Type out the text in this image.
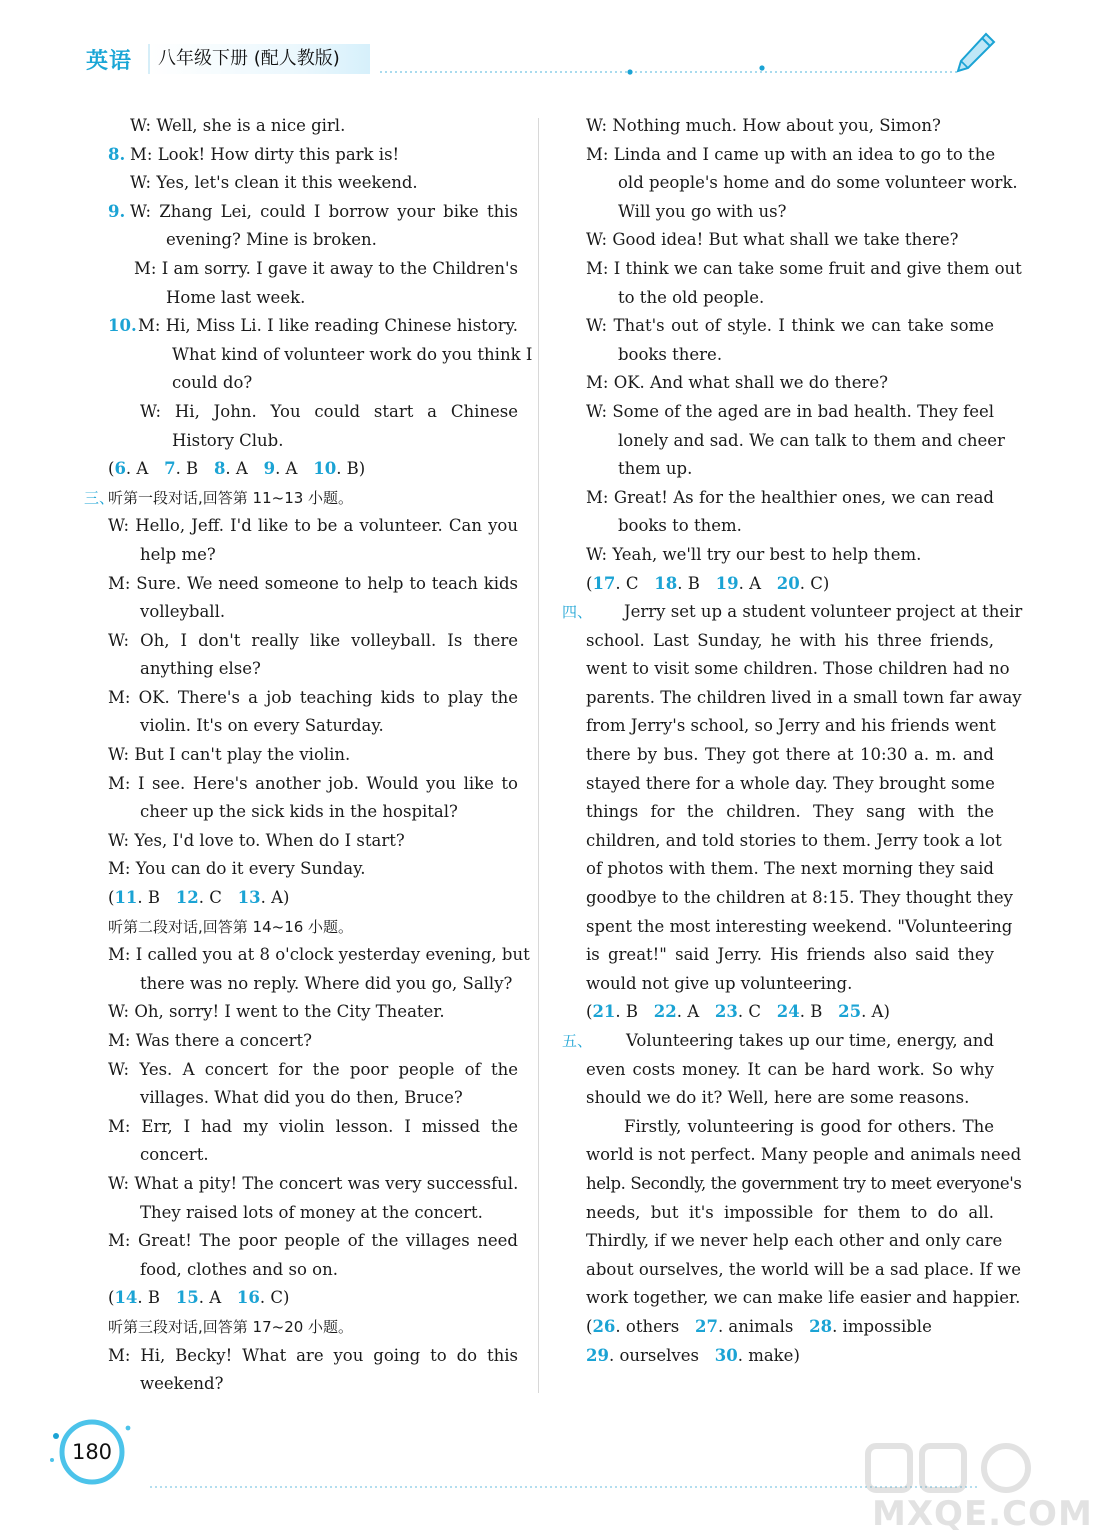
英语	八年级下册 (配人教版)
W: Well, she is a nice girl.
8. M: Look! How dirty this park is!
W: Yes, let's clean it this weekend.
9. W: Zhang Lei, could I borrow your bike this
evening? Mine is broken.
M: I am sorry. I gave it away to the Children's
Home last week.
10. M: Hi, Miss Li. I like reading Chinese history.
What kind of volunteer work do you think I
could do?
W: Hi, John. You could start a Chinese
History Club.
(6. A 7. B 8. A 9. A 10. B)
三、
听第一段对话,回答第 11~13 小题。
W: Hello, Jeff. I'd like to be a volunteer. Can you
help me?
M: Sure. We need someone to help to teach kids
volleyball.
W: Oh, I don't really like volleyball. Is there
anything else?
M: OK. There's a job teaching kids to play the
violin. It's on every Saturday.
W: But I can't play the violin.
M: I see. Here's another job. Would you like to
cheer up the sick kids in the hospital?
W: Yes, I'd love to. When do I start?
M: You can do it every Sunday.
(11. B 12. C 13. A)
听第二段对话,回答第 14~16 小题。
M: I called you at 8 o'clock yesterday evening, but
there was no reply. Where did you go, Sally?
W: Oh, sorry! I went to the City Theater.
M: Was there a concert?
W: Yes. A concert for the poor people of the
villages. What did you do then, Bruce?
M: Err, I had my violin lesson. I missed the
concert.
W: What a pity! The concert was very successful.
They raised lots of money at the concert.
M: Great! The poor people of the villages need
food, clothes and so on.
(14. B 15. A 16. C)
听第三段对话,回答第 17~20 小题。
M: Hi, Becky! What are you going to do this
weekend?
W: Nothing much. How about you, Simon?
M: Linda and I came up with an idea to go to the
old people's home and do some volunteer work.
Will you go with us?
W: Good idea! But what shall we take there?
M: I think we can take some fruit and give them out
to the old people.
W: That's out of style. I think we can take some
books there.
M: OK. And what shall we do there?
W: Some of the aged are in bad health. They feel
lonely and sad. We can talk to them and cheer
them up.
M: Great! As for the healthier ones, we can read
books to them.
W: Yeah, we'll try our best to help them.
(17. C 18. B 19. A 20. C)
四、 Jerry set up a student volunteer project at their
school. Last Sunday, he with his three friends,
went to visit some children. Those children had no
parents. The children lived in a small town far away
from Jerry's school, so Jerry and his friends went
there by bus. They got there at 10:30 a. m. and
stayed there for a whole day. They brought some
things for the children. They sang with the
children, and told stories to them. Jerry took a lot
of photos with them. The next morning they said
goodbye to the children at 8:15. They thought they
spent the most interesting weekend. "Volunteering
is great!" said Jerry. His friends also said they
would not give up volunteering.
(21. B 22. A 23. C 24. B 25. A)
五、 Volunteering takes up our time, energy, and
even costs money. It can be hard work. So why
should we do it? Well, here are some reasons.
Firstly, volunteering is good for others. The
world is not perfect. Many people and animals need
help. Secondly, the government try to meet everyone's
needs, but it's impossible for them to do all.
Thirdly, if we never help each other and only care
about ourselves, the world will be a sad place. If we
work together, we can make life easier and happier.
(26. others 27. animals 28. impossible
29. ourselves 30. make)
180
MXQE.COM
